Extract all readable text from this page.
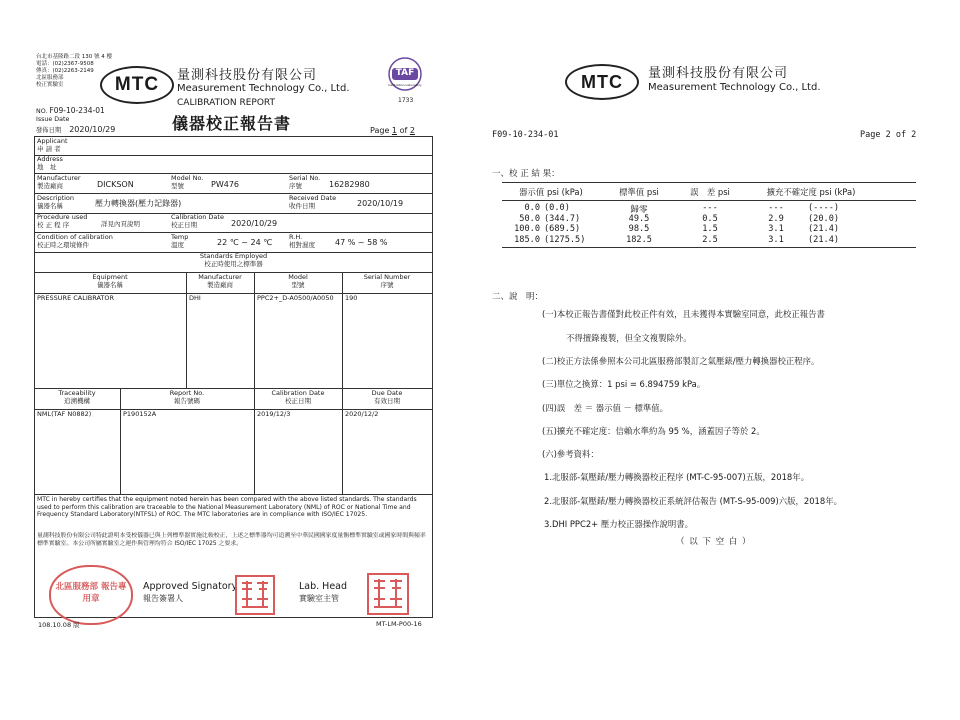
台北市基隆路二段 130 號 4 樓
電話：(02)2367-9508
傳真：(02)2263-2149
北區服務部
校正實驗室	MTC	量測科技股份有限公司
Measurement Technology Co., Ltd.
CALIBRATION REPORT
儀器校正報告書
TAF
Calibration Laboratory
1733
NO. F09-10-234-01
Issue Date
發佈日期 2020/10/29	Page 1 of 2
Applicant
申 請 者
Address
地　址
Manufacturer
製造廠商	DICKSON
Model No.
型號	PW476
Serial No.
序號	16282980
Description
儀器名稱	壓力轉換器(壓力記錄器)
Received Date
收件日期	2020/10/19
Procedure used
校 正 程 序	詳見內頁說明
Calibration Date
校正日期	2020/10/29
Condition of calibration
校正時之環境條件
Temp
溫度	22 ℃ ~ 24 ℃
R.H.
相對濕度	47 % ~ 58 %
Standards Employed
校正時使用之標準器
Equipment
儀器名稱
Manufacturer
製造廠商
Model
型號
Serial Number
序號
PRESSURE CALIBRATOR	DHI	PPC2+_D-A0500/A0050 190
Traceability
追溯機構
Report No.
報告號碼
Calibration Date
校正日期
Due Date
有效日期
NML(TAF N0882)	P190152A	2019/12/3	2020/12/2
MTC in hereby certifies that the equipment noted herein has been compared with the above listed standards. The standards used to perform this calibration are traceable to the National Measurement Laboratory (NML) of ROC or National Time and Frequency Standard Laboratory(NTFSL) of ROC. The MTC laboratories are in compliance with ISO/IEC 17025.
量測科技股份有限公司特此證明本受校儀器已與上列標準器實施比較校正，上述之標準器均可追溯至中華民國國家度量衡標準實驗室或國家時間與頻率標準實驗室。本公司所屬實驗室之運作與管理均符合 ISO/IEC 17025 之要求。
北區服務部 報告專用章
Approved Signatory
報告簽署人
Lab. Head
實驗室主管
108.10.08 版	MT-LM-P00-16
MTC	量測科技股份有限公司
Measurement Technology Co., Ltd.
F09-10-234-01	Page 2 of 2
一、校 正 結 果：
器示值 psi (kPa)	標準值 psi	誤　差 psi	擴充不確定度 psi (kPa)
0.0 (0.0)	歸零	---	---	(----)
50.0 (344.7)	49.5	0.5	2.9	(20.0)
100.0 (689.5)	98.5	1.5	3.1	(21.4)
185.0 (1275.5)	182.5	2.5	3.1	(21.4)
二、說　明：
(一)本校正報告書僅對此校正件有效，且未獲得本實驗室同意，此校正報告書
不得擅錄複製，但全文複製除外。
(二)校正方法係參照本公司北區服務部製訂之氣壓錶/壓力轉換器校正程序。
(三)單位之換算：1 psi = 6.894759 kPa。
(四)誤　差 ＝ 器示值 － 標準值。
(五)擴充不確定度：信賴水準約為 95 %，涵蓋因子等於 2。
(六)參考資料：
1.北服部-氣壓錶/壓力轉換器校正程序 (MT-C-95-007)五版，2018年。
2.北服部-氣壓錶/壓力轉換器校正系統評估報告 (MT-S-95-009)六版，2018年。
3.DHI PPC2+ 壓力校正器操作說明書。
（ 以 下 空 白 ）
